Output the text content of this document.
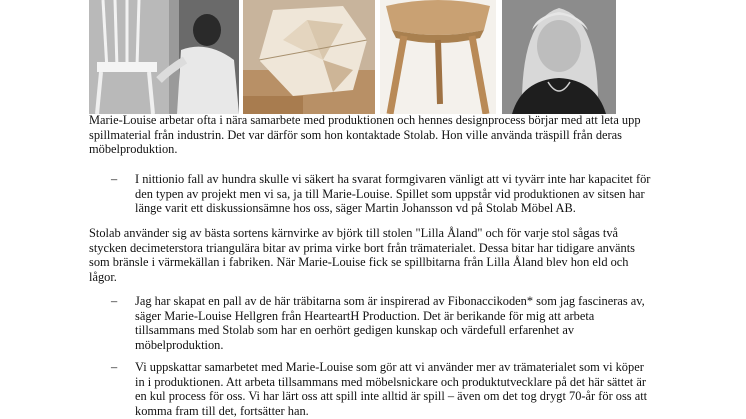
Marie-Louise arbetar ofta i nära samarbete med produktionen och hennes designprocess börjar med att leta upp spillmaterial från industrin. Det var därför som hon kontaktade Stolab. Hon ville använda träspill från deras möbelproduktion.

– I nittionio fall av hundra skulle vi säkert ha svarat formgivaren vänligt att vi tyvärr inte har kapacitet för den typen av projekt men vi sa, ja till Marie-Louise. Spillet som uppstår vid produktionen av sitsen har länge varit ett diskussionsämne hos oss, säger Martin Johansson vd på Stolab Möbel AB.

Stolab använder sig av bästa sortens kärnvirke av björk till stolen "Lilla Åland" och för varje stol sågas två stycken decimeterstora triangulära bitar av prima virke bort från trämaterialet. Dessa bitar har tidigare använts som bränsle i värmekällan i fabriken. När Marie-Louise fick se spillbitarna från Lilla Åland blev hon eld och lågor.

– Jag har skapat en pall av de här träbitarna som är inspirerad av Fibonaccikoden* som jag fascineras av, säger Marie-Louise Hellgren från HearteartH Production. Det är berikande för mig att arbeta tillsammans med Stolab som har en oerhört gedigen kunskap och värdefull erfarenhet av möbelproduktion.

– Vi uppskattar samarbetet med Marie-Louise som gör att vi använder mer av trämaterialet som vi köper in i produktionen. Att arbeta tillsammans med möbelsnickare och produktutvecklare på det här sättet är en kul process för oss. Vi har lärt oss att spill inte alltid är spill – även om det tog drygt 70-år för oss att komma fram till det, fortsätter han.
